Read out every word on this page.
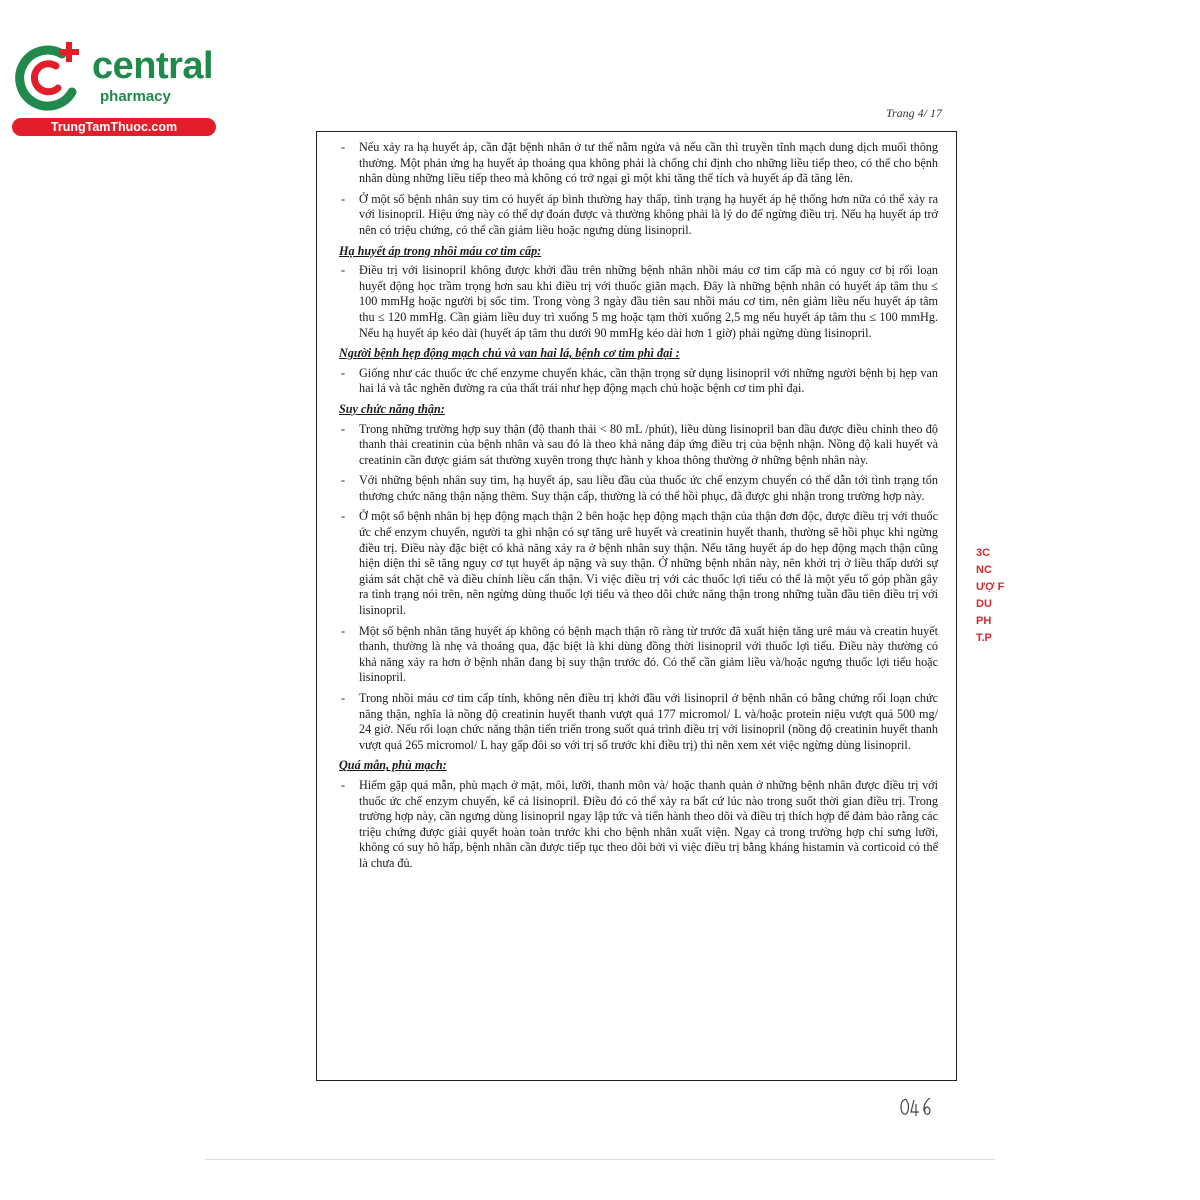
central
pharmacy
TrungTamThuoc.com
Trang 4/ 17
- Nếu xảy ra hạ huyết áp, cần đặt bệnh nhân ở tư thế nằm ngửa và nếu cần thì truyền tĩnh mạch dung dịch muối thông thường. Một phản ứng hạ huyết áp thoáng qua không phải là chống chỉ định cho những liều tiếp theo, có thể cho bệnh nhân dùng những liều tiếp theo mà không có trở ngại gì một khi tăng thể tích và huyết áp đã tăng lên.
- Ở một số bệnh nhân suy tim có huyết áp bình thường hay thấp, tình trạng hạ huyết áp hệ thống hơn nữa có thể xảy ra với lisinopril. Hiệu ứng này có thể dự đoán được và thường không phải là lý do để ngừng điều trị. Nếu hạ huyết áp trở nên có triệu chứng, có thể cần giảm liều hoặc ngưng dùng lisinopril.
Hạ huyết áp trong nhồi máu cơ tim cấp:
- Điều trị với lisinopril không được khởi đầu trên những bệnh nhân nhồi máu cơ tim cấp mà có nguy cơ bị rối loạn huyết động học trầm trọng hơn sau khi điều trị với thuốc giãn mạch. Đây là những bệnh nhân có huyết áp tâm thu ≤ 100 mmHg hoặc người bị sốc tim. Trong vòng 3 ngày đầu tiên sau nhồi máu cơ tim, nên giảm liều nếu huyết áp tâm thu ≤ 120 mmHg. Cần giảm liều duy trì xuống 5 mg hoặc tạm thời xuống 2,5 mg nếu huyết áp tâm thu ≤ 100 mmHg. Nếu hạ huyết áp kéo dài (huyết áp tâm thu dưới 90 mmHg kéo dài hơn 1 giờ) phải ngừng dùng lisinopril.
Người bệnh hẹp động mạch chủ và van hai lá, bệnh cơ tim phì đại :
- Giống như các thuốc ức chế enzyme chuyển khác, cần thận trọng sử dụng lisinopril với những người bệnh bị hẹp van hai lá và tắc nghẽn đường ra của thất trái như hẹp động mạch chủ hoặc bệnh cơ tim phì đại.
Suy chức năng thận:
- Trong những trường hợp suy thận (độ thanh thải < 80 mL /phút), liều dùng lisinopril ban đầu được điều chỉnh theo độ thanh thải creatinin của bệnh nhân và sau đó là theo khả năng đáp ứng điều trị của bệnh nhận. Nồng độ kali huyết và creatinin cần được giám sát thường xuyên trong thực hành y khoa thông thường ở những bệnh nhân này.
- Với những bệnh nhân suy tim, hạ huyết áp, sau liều đầu của thuốc ức chế enzym chuyển có thể dẫn tới tình trạng tổn thương chức năng thận nặng thêm. Suy thận cấp, thường là có thể hồi phục, đã được ghi nhận trong trường hợp này.
- Ở một số bệnh nhân bị hẹp động mạch thận 2 bên hoặc hẹp động mạch thận của thận đơn độc, được điều trị với thuốc ức chế enzym chuyển, người ta ghi nhận có sự tăng urê huyết và creatinin huyết thanh, thường sẽ hồi phục khi ngừng điều trị. Điều này đặc biệt có khả năng xảy ra ở bệnh nhân suy thận. Nếu tăng huyết áp do hẹp động mạch thận cũng hiện diện thì sẽ tăng nguy cơ tụt huyết áp nặng và suy thận. Ở những bệnh nhân này, nên khởi trị ở liều thấp dưới sự giám sát chặt chẽ và điều chỉnh liều cẩn thận. Vì việc điều trị với các thuốc lợi tiểu có thể là một yếu tố góp phần gây ra tình trạng nói trên, nên ngừng dùng thuốc lợi tiểu và theo dõi chức năng thận trong những tuần đầu tiên điều trị với lisinopril.
- Một số bệnh nhân tăng huyết áp không có bệnh mạch thận rõ ràng từ trước đã xuất hiện tăng urê máu và creatin huyết thanh, thường là nhẹ và thoáng qua, đặc biệt là khi dùng đồng thời lisinopril với thuốc lợi tiểu. Điều này thường có khả năng xảy ra hơn ở bệnh nhân đang bị suy thận trước đó. Có thể cần giảm liều và/hoặc ngưng thuốc lợi tiểu hoặc lisinopril.
- Trong nhồi máu cơ tim cấp tính, không nên điều trị khởi đầu với lisinopril ở bệnh nhân có bằng chứng rối loạn chức năng thận, nghĩa là nồng độ creatinin huyết thanh vượt quá 177 micromol/ L và/hoặc protein niệu vượt quá 500 mg/ 24 giờ. Nếu rối loạn chức năng thận tiến triển trong suốt quá trình điều trị với lisinopril (nồng độ creatinin huyết thanh vượt quá 265 micromol/ L hay gấp đôi so với trị số trước khi điều trị) thì nên xem xét việc ngừng dùng lisinopril.
Quá mẫn, phù mạch:
- Hiếm gặp quá mẫn, phù mạch ở mặt, môi, lưỡi, thanh môn và/ hoặc thanh quản ở những bệnh nhân được điều trị với thuốc ức chế enzym chuyển, kể cả lisinopril. Điều đó có thể xảy ra bất cứ lúc nào trong suốt thời gian điều trị. Trong trường hợp này, cần ngưng dùng lisinopril ngay lập tức và tiến hành theo dõi và điều trị thích hợp để đảm bảo rằng các triệu chứng được giải quyết hoàn toàn trước khi cho bệnh nhân xuất viện. Ngay cả trong trường hợp chỉ sưng lưỡi, không có suy hô hấp, bệnh nhân cần được tiếp tục theo dõi bởi vì việc điều trị bằng kháng histamin và corticoid có thể là chưa đủ.
3C
NC
ƯỢ F
DU
PH
T.P
